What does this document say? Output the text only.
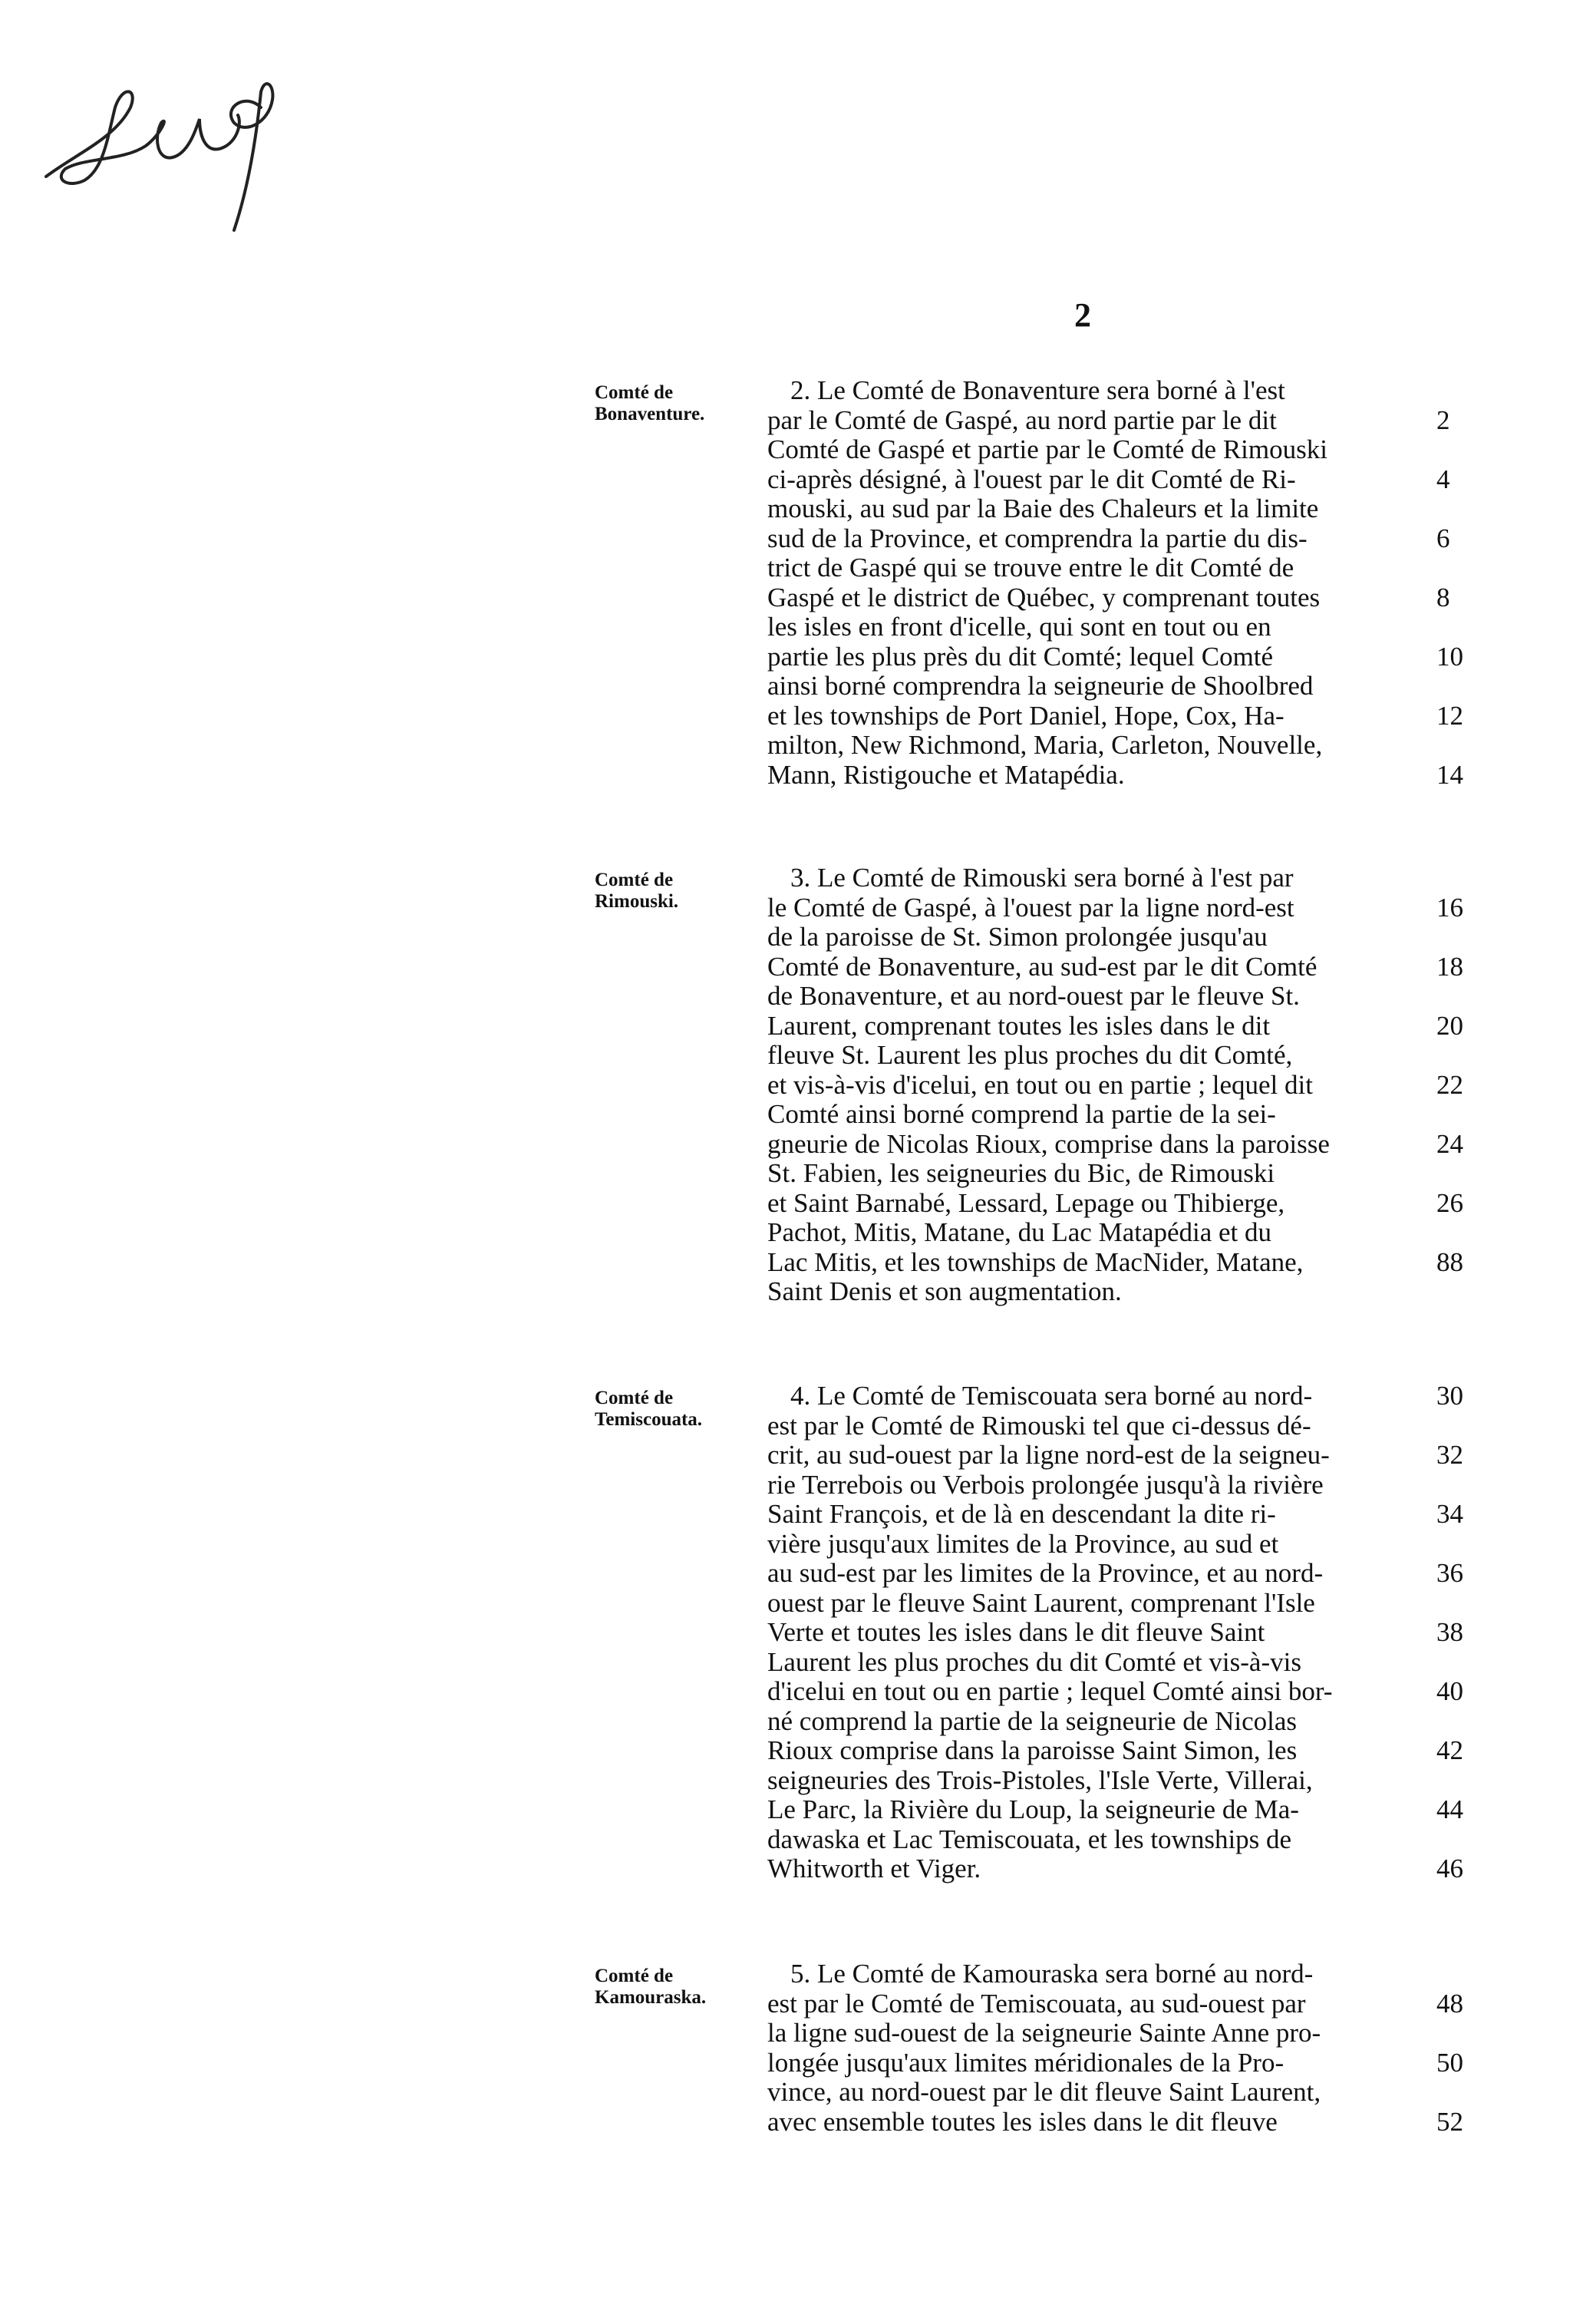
2
Comté de
Bonaventure.
2. Le Comté de Bonaventure sera borné à l'est
par le Comté de Gaspé, au nord partie par le dit
Comté de Gaspé et partie par le Comté de Rimouski
ci-après désigné, à l'ouest par le dit Comté de Ri-
mouski, au sud par la Baie des Chaleurs et la limite
sud de la Province, et comprendra la partie du dis-
trict de Gaspé qui se trouve entre le dit Comté de
Gaspé et le district de Québec, y comprenant toutes
les isles en front d'icelle, qui sont en tout ou en
partie les plus près du dit Comté; lequel Comté
ainsi borné comprendra la seigneurie de Shoolbred
et les townships de Port Daniel, Hope, Cox, Ha-
milton, New Richmond, Maria, Carleton, Nouvelle,
Mann, Ristigouche et Matapédia.
2
4
6
8
10
12
14
Comté de
Rimouski.
3. Le Comté de Rimouski sera borné à l'est par
le Comté de Gaspé, à l'ouest par la ligne nord-est
de la paroisse de St. Simon prolongée jusqu'au
Comté de Bonaventure, au sud-est par le dit Comté
de Bonaventure, et au nord-ouest par le fleuve St.
Laurent, comprenant toutes les isles dans le dit
fleuve St. Laurent les plus proches du dit Comté,
et vis-à-vis d'icelui, en tout ou en partie ; lequel dit
Comté ainsi borné comprend la partie de la sei-
gneurie de Nicolas Rioux, comprise dans la paroisse
St. Fabien, les seigneuries du Bic, de Rimouski
et Saint Barnabé, Lessard, Lepage ou Thibierge,
Pachot, Mitis, Matane, du Lac Matapédia et du
Lac Mitis, et les townships de MacNider, Matane,
Saint Denis et son augmentation.
16
18
20
22
24
26
88
Comté de
Temiscouata.
4. Le Comté de Temiscouata sera borné au nord-
est par le Comté de Rimouski tel que ci-dessus dé-
crit, au sud-ouest par la ligne nord-est de la seigneu-
rie Terrebois ou Verbois prolongée jusqu'à la rivière
Saint François, et de là en descendant la dite ri-
vière jusqu'aux limites de la Province, au sud et
au sud-est par les limites de la Province, et au nord-
ouest par le fleuve Saint Laurent, comprenant l'Isle
Verte et toutes les isles dans le dit fleuve Saint
Laurent les plus proches du dit Comté et vis-à-vis
d'icelui en tout ou en partie ; lequel Comté ainsi bor-
né comprend la partie de la seigneurie de Nicolas
Rioux comprise dans la paroisse Saint Simon, les
seigneuries des Trois-Pistoles, l'Isle Verte, Villerai,
Le Parc, la Rivière du Loup, la seigneurie de Ma-
dawaska et Lac Temiscouata, et les townships de
Whitworth et Viger.
30
32
34
36
38
40
42
44
46
Comté de
Kamouraska.
5. Le Comté de Kamouraska sera borné au nord-
est par le Comté de Temiscouata, au sud-ouest par
la ligne sud-ouest de la seigneurie Sainte Anne pro-
longée jusqu'aux limites méridionales de la Pro-
vince, au nord-ouest par le dit fleuve Saint Laurent,
avec ensemble toutes les isles dans le dit fleuve
48
50
52
